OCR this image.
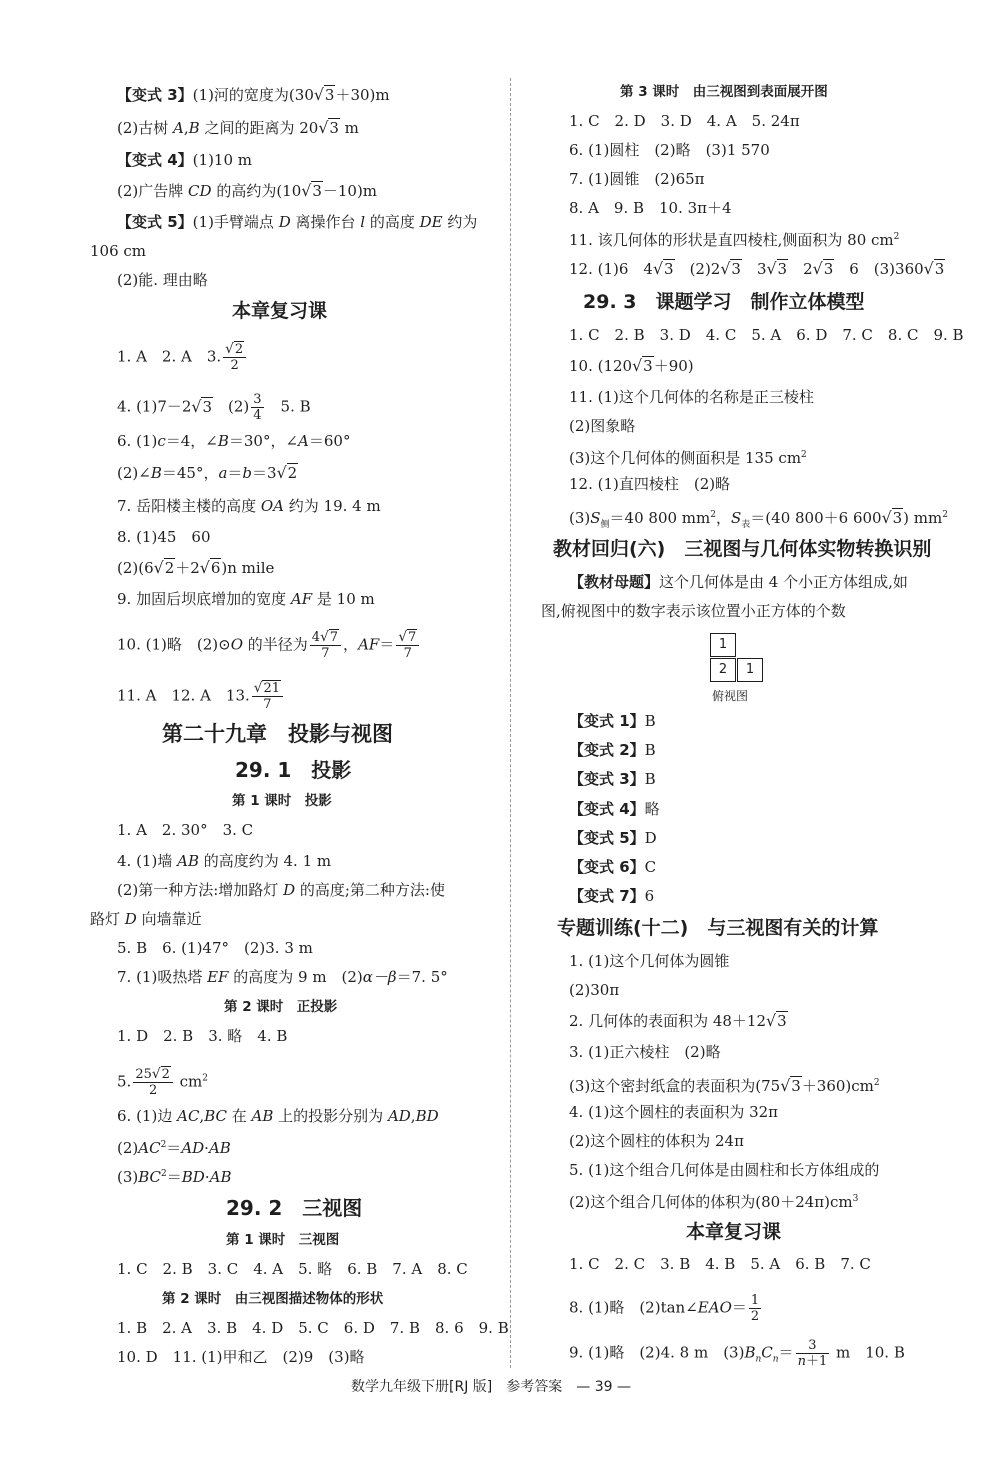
【变式 3】(1)河的宽度为(30√3＋30)m
(2)古树 A,B 之间的距离为 20√3 m
【变式 4】(1)10 m
(2)广告牌 CD 的高约为(10√3－10)m
【变式 5】(1)手臂端点 D 离操作台 l 的高度 DE 约为
106 cm
(2)能. 理由略
本章复习课
1. A　2. A　3. $\frac{√2}{2}$
4. (1)7－2√3　$(2) \frac{3}{4}$ 　5. B
6. (1)c＝4，∠B＝30°，∠A＝60°
(2)∠B＝45°，a＝b＝3√2
7. 岳阳楼主楼的高度 OA 约为 19. 4 m
8. (1)45　60
(2)(6√2＋2√6)n mile
9. 加固后坝底增加的宽度 AF 是 10 m
10. (1)略　(2)⊙O 的半径为 $\frac{4√7}{7}$ ，$AF= \frac{√7}{7}$
11. A　12. A　13. $\frac{√21}{7}$
第二十九章　投影与视图
29. 1　投影
第 1 课时　投影
1. A　2. 30°　3. C
4. (1)墙 AB 的高度约为 4. 1 m
(2)第一种方法:增加路灯 D 的高度;第二种方法:使
路灯 D 向墙靠近
5. B　6. (1)47°　(2)3. 3 m
7. (1)吸热塔 EF 的高度为 9 m　(2)α－β＝7. 5°
第 2 课时　正投影
1. D　2. B　3. 略　4. B
5. $\frac{25√2}{2} cm^2$
6. (1)边 AC,BC 在 AB 上的投影分别为 AD,BD
$(2)AC^2=AD\cdot AB$
$(3)BC^2=BD\cdot AB$
29. 2　三视图
第 1 课时　三视图
1. C　2. B　3. C　4. A　5. 略　6. B　7. A　8. C
第 2 课时　由三视图描述物体的形状
1. B　2. A　3. B　4. D　5. C　6. D　7. B　8. 6　9. B
10. D　11. (1)甲和乙　(2)9　(3)略
第 3 课时　由三视图到表面展开图
1. C　2. D　3. D　4. A　5. 24π
6. (1)圆柱　(2)略　(3)1 570
7. (1)圆锥　(2)65π
8. A　9. B　10. 3π＋4
11. 该几何体的形状是直四棱柱,侧面积为 80 $cm^2$
12. (1)6　4√3　(2)2√3　3√3　2√3　6　(3)360√3
29. 3　课题学习　制作立体模型
1. C　2. B　3. D　4. C　5. A　6. D　7. C　8. C　9. B
10. (120√3＋90)
11. (1)这个几何体的名称是正三棱柱
(2)图象略
(3)这个几何体的侧面积是 135 $cm^2$
12. (1)直四棱柱　(2)略
$(3)S_侧=40$ 800 $mm^2$，$S_表=(40$ 800＋6 600√3) $mm^2$
教材回归(六)　三视图与几何体实物转换识别
【教材母题】这个几何体是由 4 个小正方体组成,如
图,俯视图中的数字表示该位置小正方体的个数
1
2	1
俯视图
【变式 1】B
【变式 2】B
【变式 3】B
【变式 4】略
【变式 5】D
【变式 6】C
【变式 7】6
专题训练(十二)　与三视图有关的计算
1. (1)这个几何体为圆锥
(2)30π
2. 几何体的表面积为 48＋12√3
3. (1)正六棱柱　(2)略
(3)这个密封纸盒的表面积为$(75√3+360)cm^2$
4. (1)这个圆柱的表面积为 32π
(2)这个圆柱的体积为 24π
5. (1)这个组合几何体是由圆柱和长方体组成的
(2)这个组合几何体的体积为$(80+24\pi)cm^3$
本章复习课
1. C　2. C　3. B　4. B　5. A　6. B　7. C
8. (1)略　(2)tan∠EAO＝ $\frac{1}{2}$
9. (1)略　(2)4. 8 m　$(3)B_nC_n= \frac{3}{n+1}$ m　10. B
数学九年级下册[RJ 版]　参考答案　— 39 —
